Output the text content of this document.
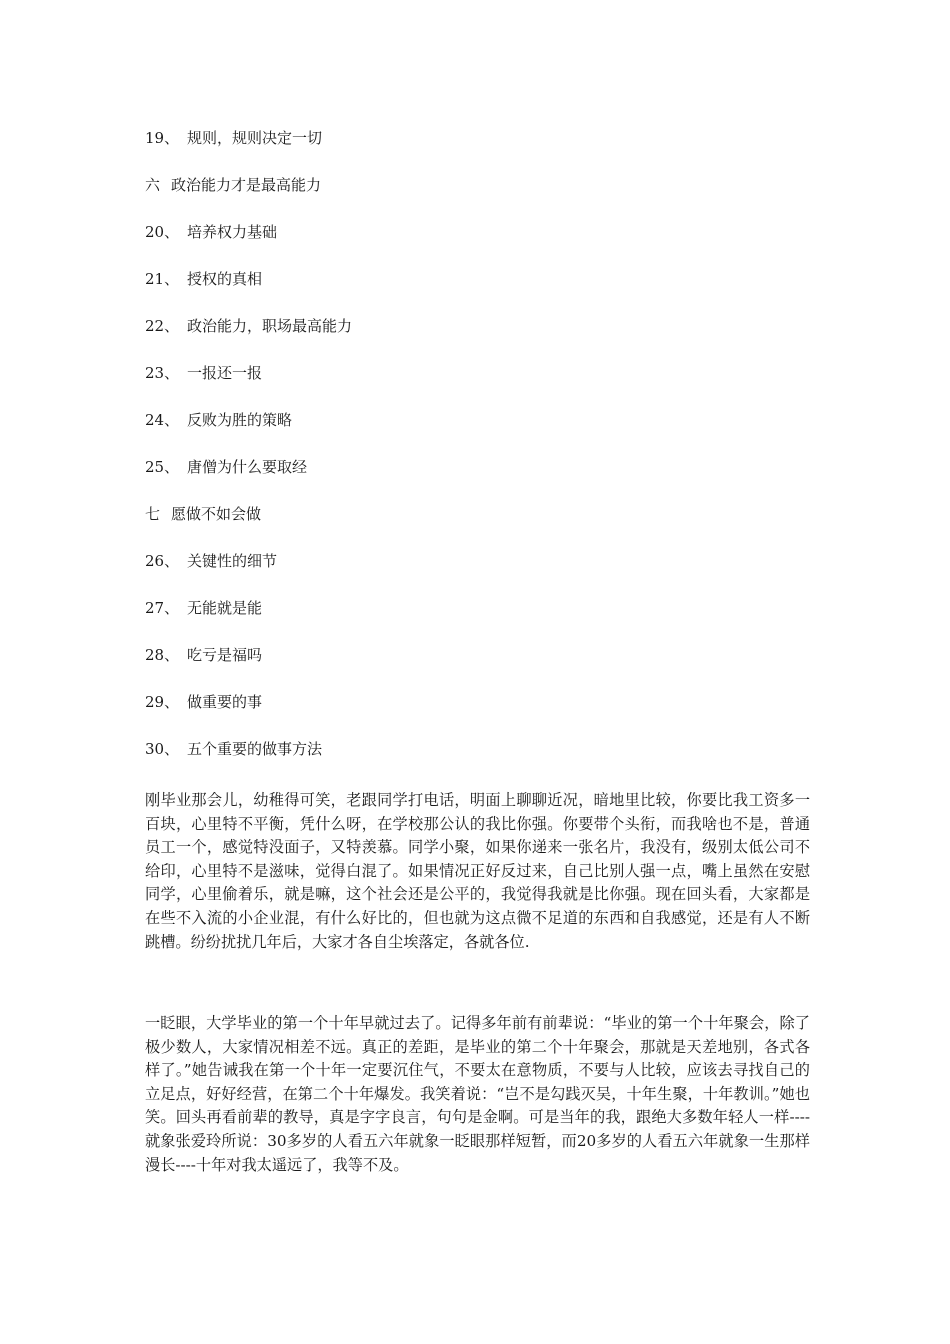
19、 规则，规则决定一切
六 政治能力才是最高能力
20、 培养权力基础
21、 授权的真相
22、 政治能力，职场最高能力
23、 一报还一报
24、 反败为胜的策略
25、 唐僧为什么要取经
七 愿做不如会做
26、 关键性的细节
27、 无能就是能
28、 吃亏是福吗
29、 做重要的事
30、 五个重要的做事方法

刚毕业那会儿，幼稚得可笑，老跟同学打电话，明面上聊聊近况，暗地里比较，你要比我工资多一百块，心里特不平衡，凭什么呀，在学校那公认的我比你强。你要带个头衔，而我啥也不是，普通员工一个，感觉特没面子，又特羡慕。同学小聚，如果你递来一张名片，我没有，级别太低公司不给印，心里特不是滋味，觉得白混了。如果情况正好反过来，自己比别人强一点，嘴上虽然在安慰同学，心里偷着乐，就是嘛，这个社会还是公平的，我觉得我就是比你强。现在回头看，大家都是在些不入流的小企业混，有什么好比的，但也就为这点微不足道的东西和自我感觉，还是有人不断跳槽。纷纷扰扰几年后，大家才各自尘埃落定，各就各位.

一眨眼，大学毕业的第一个十年早就过去了。记得多年前有前辈说：“毕业的第一个十年聚会，除了极少数人，大家情况相差不远。真正的差距，是毕业的第二个十年聚会，那就是天差地别，各式各样了。”她告诫我在第一个十年一定要沉住气，不要太在意物质，不要与人比较，应该去寻找自己的立足点，好好经营，在第二个十年爆发。我笑着说：“岂不是勾践灭吴，十年生聚，十年教训。”她也笑。回头再看前辈的教导，真是字字良言，句句是金啊。可是当年的我，跟绝大多数年轻人一样----就象张爱玲所说：30多岁的人看五六年就象一眨眼那样短暂，而20多岁的人看五六年就象一生那样漫长----十年对我太遥远了，我等不及。
